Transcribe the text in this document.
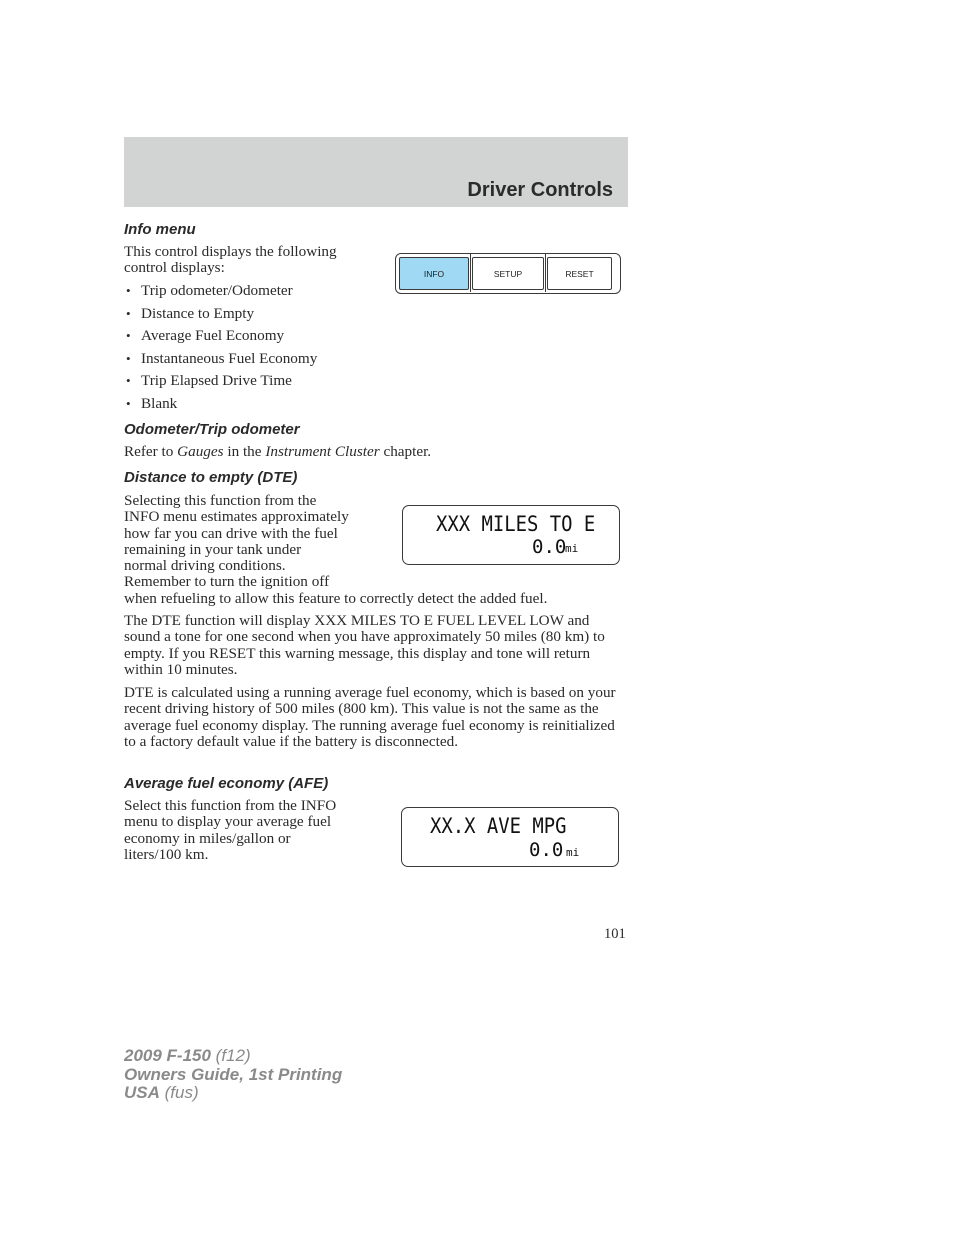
Driver Controls
Info menu
This control displays the following
control displays:
• Trip odometer/Odometer
• Distance to Empty
• Average Fuel Economy
• Instantaneous Fuel Economy
• Trip Elapsed Drive Time
• Blank
INFO	SETUP	RESET
Odometer/Trip odometer
Refer to Gauges in the Instrument Cluster chapter.
Distance to empty (DTE)
Selecting this function from the
INFO menu estimates approximately
how far you can drive with the fuel
remaining in your tank under
normal driving conditions.
Remember to turn the ignition off
when refueling to allow this feature to correctly detect the added fuel.
XXX MILES TO E
0.0
mi
The DTE function will display XXX MILES TO E FUEL LEVEL LOW and sound a tone for one second when you have approximately 50 miles (80 km) to empty. If you RESET this warning message, this display and tone will return within 10 minutes.
DTE is calculated using a running average fuel economy, which is based on your recent driving history of 500 miles (800 km). This value is not the same as the average fuel economy display. The running average fuel economy is reinitialized to a factory default value if the battery is disconnected.
Average fuel economy (AFE)
Select this function from the INFO
menu to display your average fuel
economy in miles/gallon or
liters/100 km.
XX.X AVE MPG
0.0 mi
101
2009 F-150 (f12)
Owners Guide, 1st Printing
USA (fus)
